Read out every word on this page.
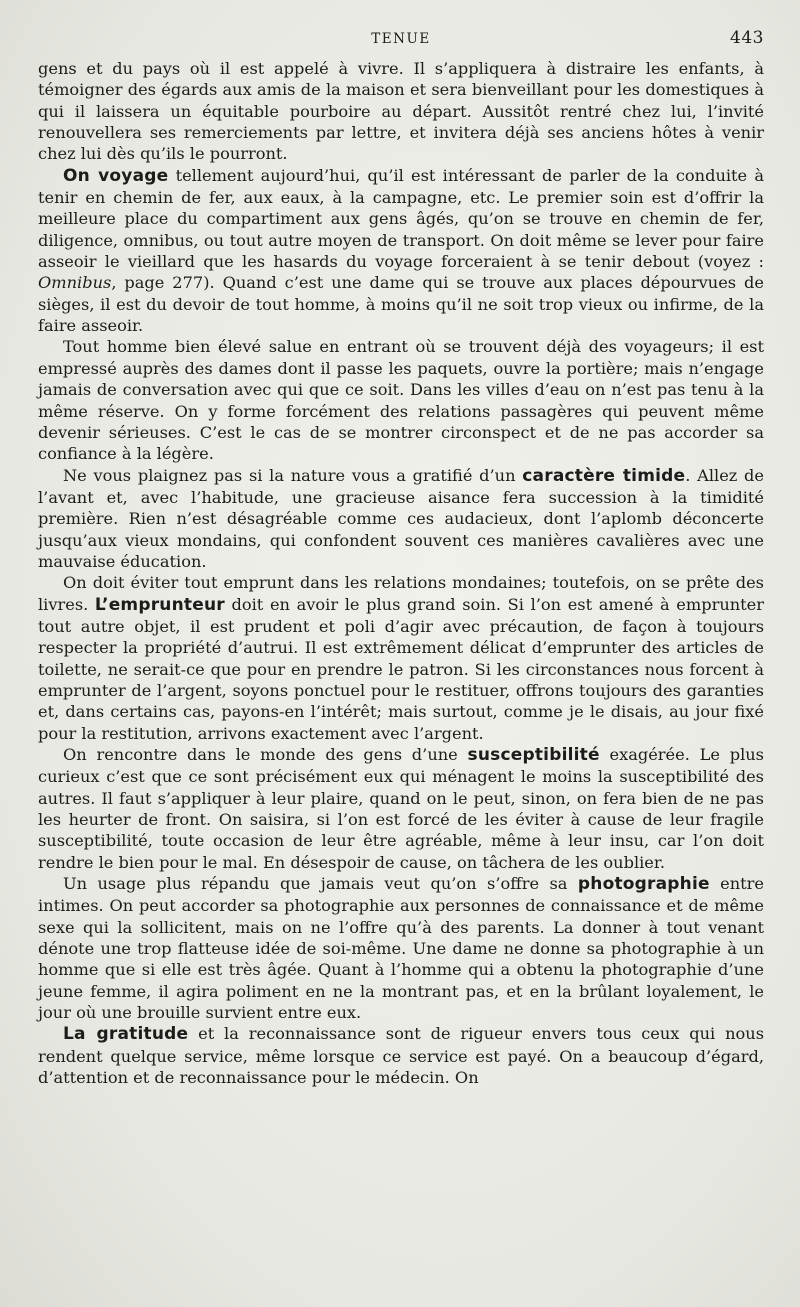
TENUE	443

gens et du pays où il est appelé à vivre. Il s’appliquera à distraire les enfants, à témoigner des égards aux amis de la maison et sera bienveillant pour les domestiques à qui il laissera un équitable pourboire au départ. Aussitôt rentré chez lui, l’invité renouvellera ses remerciements par lettre, et invitera déjà ses anciens hôtes à venir chez lui dès qu’ils le pourront.

On voyage tellement aujourd’hui, qu’il est intéressant de parler de la conduite à tenir en chemin de fer, aux eaux, à la campagne, etc. Le premier soin est d’offrir la meilleure place du compartiment aux gens âgés, qu’on se trouve en chemin de fer, diligence, omnibus, ou tout autre moyen de transport. On doit même se lever pour faire asseoir le vieillard que les hasards du voyage forceraient à se tenir debout (voyez : Omnibus, page 277). Quand c’est une dame qui se trouve aux places dépourvues de sièges, il est du devoir de tout homme, à moins qu’il ne soit trop vieux ou infirme, de la faire asseoir.

Tout homme bien élevé salue en entrant où se trouvent déjà des voyageurs; il est empressé auprès des dames dont il passe les paquets, ouvre la portière; mais n’engage jamais de conversation avec qui que ce soit. Dans les villes d’eau on n’est pas tenu à la même réserve. On y forme forcément des relations passagères qui peuvent même devenir sérieuses. C’est le cas de se montrer circonspect et de ne pas accorder sa confiance à la légère.

Ne vous plaignez pas si la nature vous a gratifié d’un caractère timide. Allez de l’avant et, avec l’habitude, une gracieuse aisance fera succession à la timidité première. Rien n’est désagréable comme ces audacieux, dont l’aplomb déconcerte jusqu’aux vieux mondains, qui confondent souvent ces manières cavalières avec une mauvaise éducation.

On doit éviter tout emprunt dans les relations mondaines; toutefois, on se prête des livres. L’emprunteur doit en avoir le plus grand soin. Si l’on est amené à emprunter tout autre objet, il est prudent et poli d’agir avec précaution, de façon à toujours respecter la propriété d’autrui. Il est extrêmement délicat d’emprunter des articles de toilette, ne serait-ce que pour en prendre le patron. Si les circonstances nous forcent à emprunter de l’argent, soyons ponctuel pour le restituer, offrons toujours des garanties et, dans certains cas, payons-en l’intérêt; mais surtout, comme je le disais, au jour fixé pour la restitution, arrivons exactement avec l’argent.

On rencontre dans le monde des gens d’une susceptibilité exagérée. Le plus curieux c’est que ce sont précisément eux qui ménagent le moins la susceptibilité des autres. Il faut s’appliquer à leur plaire, quand on le peut, sinon, on fera bien de ne pas les heurter de front. On saisira, si l’on est forcé de les éviter à cause de leur fragile susceptibilité, toute occasion de leur être agréable, même à leur insu, car l’on doit rendre le bien pour le mal. En désespoir de cause, on tâchera de les oublier.

Un usage plus répandu que jamais veut qu’on s’offre sa photographie entre intimes. On peut accorder sa photographie aux personnes de connaissance et de même sexe qui la sollicitent, mais on ne l’offre qu’à des parents. La donner à tout venant dénote une trop flatteuse idée de soi-même. Une dame ne donne sa photographie à un homme que si elle est très âgée. Quant à l’homme qui a obtenu la photographie d’une jeune femme, il agira poliment en ne la montrant pas, et en la brûlant loyalement, le jour où une brouille survient entre eux.

La gratitude et la reconnaissance sont de rigueur envers tous ceux qui nous rendent quelque service, même lorsque ce service est payé. On a beaucoup d’égard, d’attention et de reconnaissance pour le médecin. On
